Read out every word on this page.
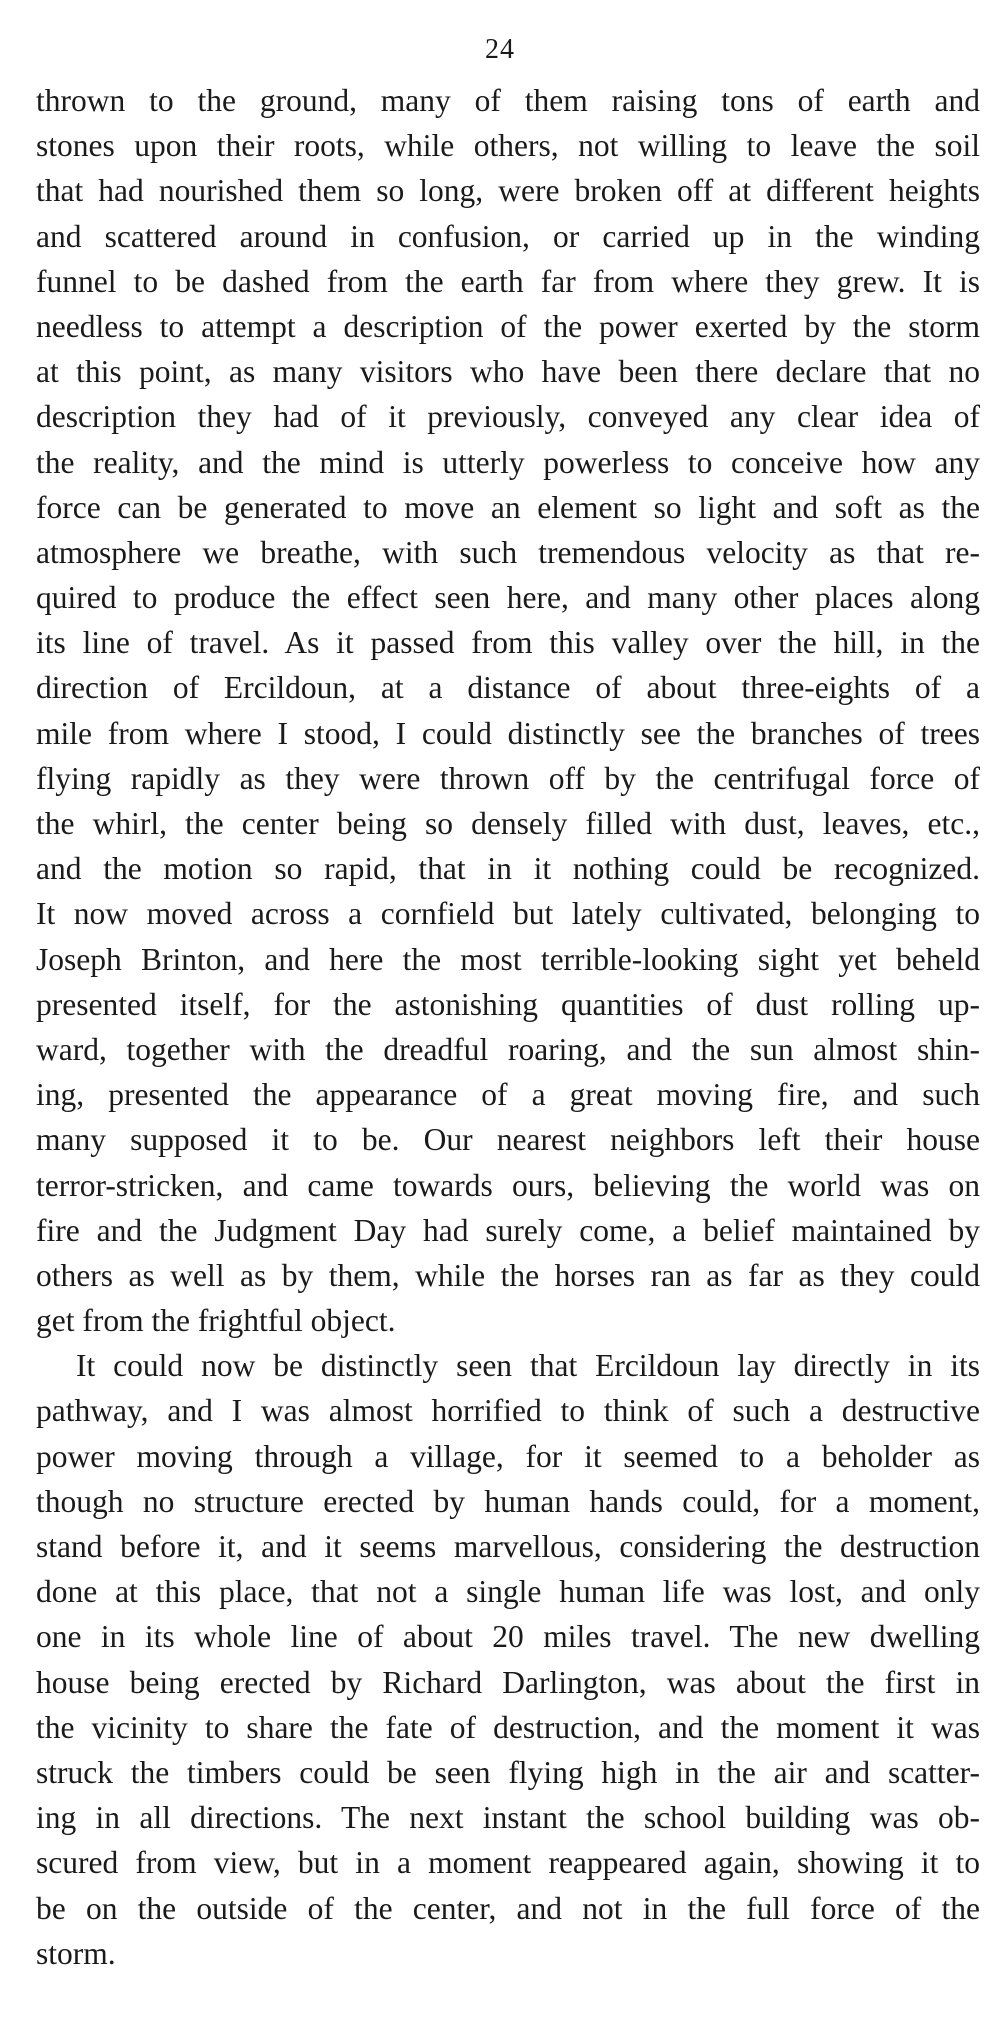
24
thrown to the ground, many of them raising tons of earth and
stones upon their roots, while others, not willing to leave the soil
that had nourished them so long, were broken off at different heights
and scattered around in confusion, or carried up in the winding
funnel to be dashed from the earth far from where they grew. It is
needless to attempt a description of the power exerted by the storm
at this point, as many visitors who have been there declare that no
description they had of it previously, conveyed any clear idea of
the reality, and the mind is utterly powerless to conceive how any
force can be generated to move an element so light and soft as the
atmosphere we breathe, with such tremendous velocity as that re-
quired to produce the effect seen here, and many other places along
its line of travel. As it passed from this valley over the hill, in the
direction of Ercildoun, at a distance of about three-eights of a
mile from where I stood, I could distinctly see the branches of trees
flying rapidly as they were thrown off by the centrifugal force of
the whirl, the center being so densely filled with dust, leaves, etc.,
and the motion so rapid, that in it nothing could be recognized.
It now moved across a cornfield but lately cultivated, belonging to
Joseph Brinton, and here the most terrible-looking sight yet beheld
presented itself, for the astonishing quantities of dust rolling up-
ward, together with the dreadful roaring, and the sun almost shin-
ing, presented the appearance of a great moving fire, and such
many supposed it to be. Our nearest neighbors left their house
terror-stricken, and came towards ours, believing the world was on
fire and the Judgment Day had surely come, a belief maintained by
others as well as by them, while the horses ran as far as they could
get from the frightful object.
It could now be distinctly seen that Ercildoun lay directly in its
pathway, and I was almost horrified to think of such a destructive
power moving through a village, for it seemed to a beholder as
though no structure erected by human hands could, for a moment,
stand before it, and it seems marvellous, considering the destruction
done at this place, that not a single human life was lost, and only
one in its whole line of about 20 miles travel. The new dwelling
house being erected by Richard Darlington, was about the first in
the vicinity to share the fate of destruction, and the moment it was
struck the timbers could be seen flying high in the air and scatter-
ing in all directions. The next instant the school building was ob-
scured from view, but in a moment reappeared again, showing it to
be on the outside of the center, and not in the full force of the
storm.
